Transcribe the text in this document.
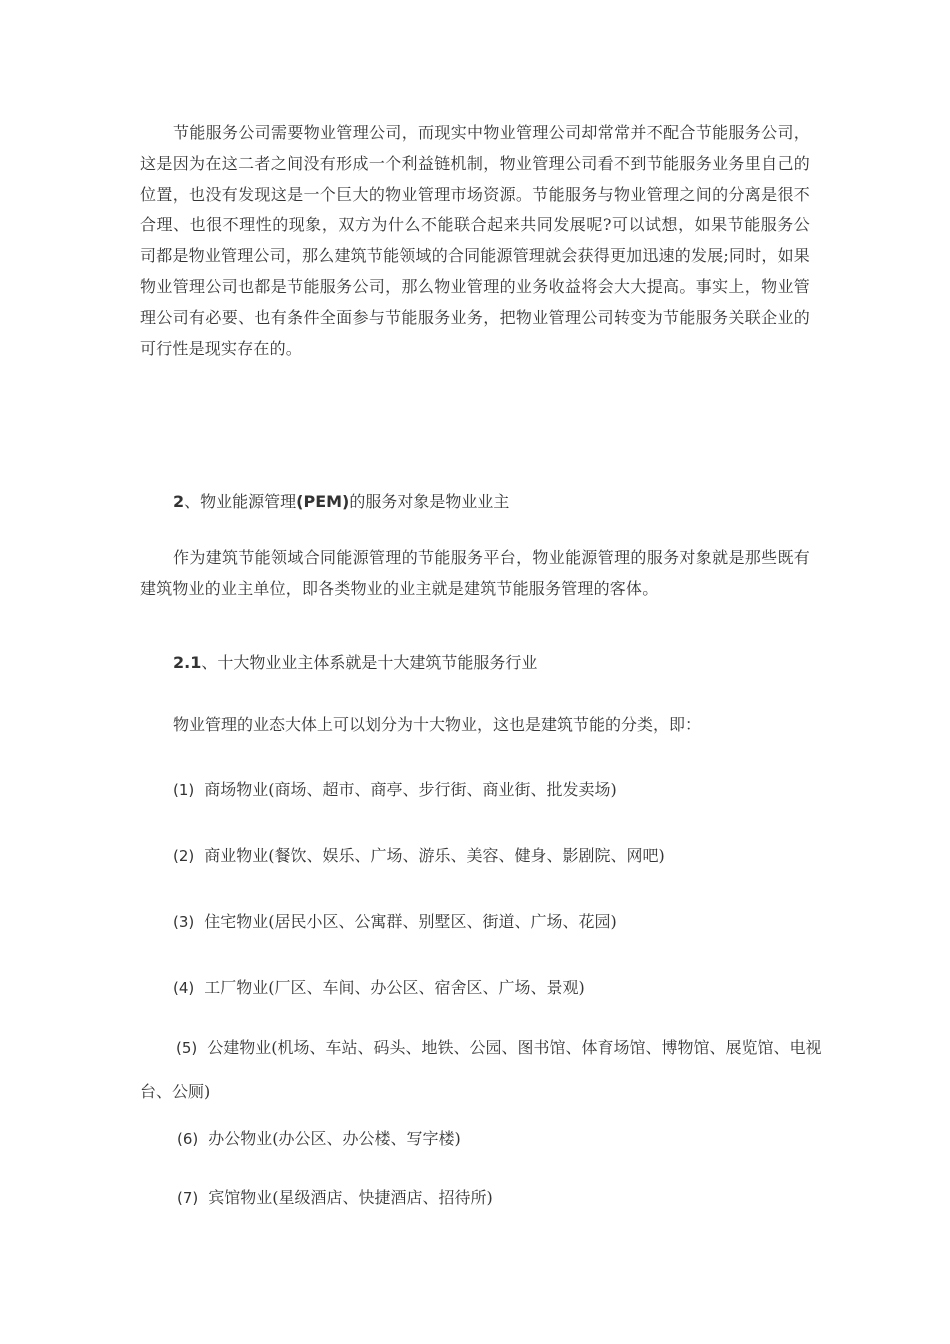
节能服务公司需要物业管理公司，而现实中物业管理公司却常常并不配合节能服务公司，这是因为在这二者之间没有形成一个利益链机制，物业管理公司看不到节能服务业务里自己的位置，也没有发现这是一个巨大的物业管理市场资源。节能服务与物业管理之间的分离是很不合理、也很不理性的现象，双方为什么不能联合起来共同发展呢?可以试想，如果节能服务公司都是物业管理公司，那么建筑节能领域的合同能源管理就会获得更加迅速的发展;同时，如果物业管理公司也都是节能服务公司，那么物业管理的业务收益将会大大提高。事实上，物业管理公司有必要、也有条件全面参与节能服务业务，把物业管理公司转变为节能服务关联企业的可行性是现实存在的。

2、物业能源管理(PEM)的服务对象是物业业主

作为建筑节能领域合同能源管理的节能服务平台，物业能源管理的服务对象就是那些既有建筑物业的业主单位，即各类物业的业主就是建筑节能服务管理的客体。

2.1、十大物业业主体系就是十大建筑节能服务行业

物业管理的业态大体上可以划分为十大物业，这也是建筑节能的分类，即：

(1) 商场物业(商场、超市、商亭、步行街、商业街、批发卖场)

(2) 商业物业(餐饮、娱乐、广场、游乐、美容、健身、影剧院、网吧)

(3) 住宅物业(居民小区、公寓群、别墅区、街道、广场、花园)

(4) 工厂物业(厂区、车间、办公区、宿舍区、广场、景观)

(5) 公建物业(机场、车站、码头、地铁、公园、图书馆、体育场馆、博物馆、展览馆、电视台、公厕)

(6) 办公物业(办公区、办公楼、写字楼)

(7) 宾馆物业(星级酒店、快捷酒店、招待所)
